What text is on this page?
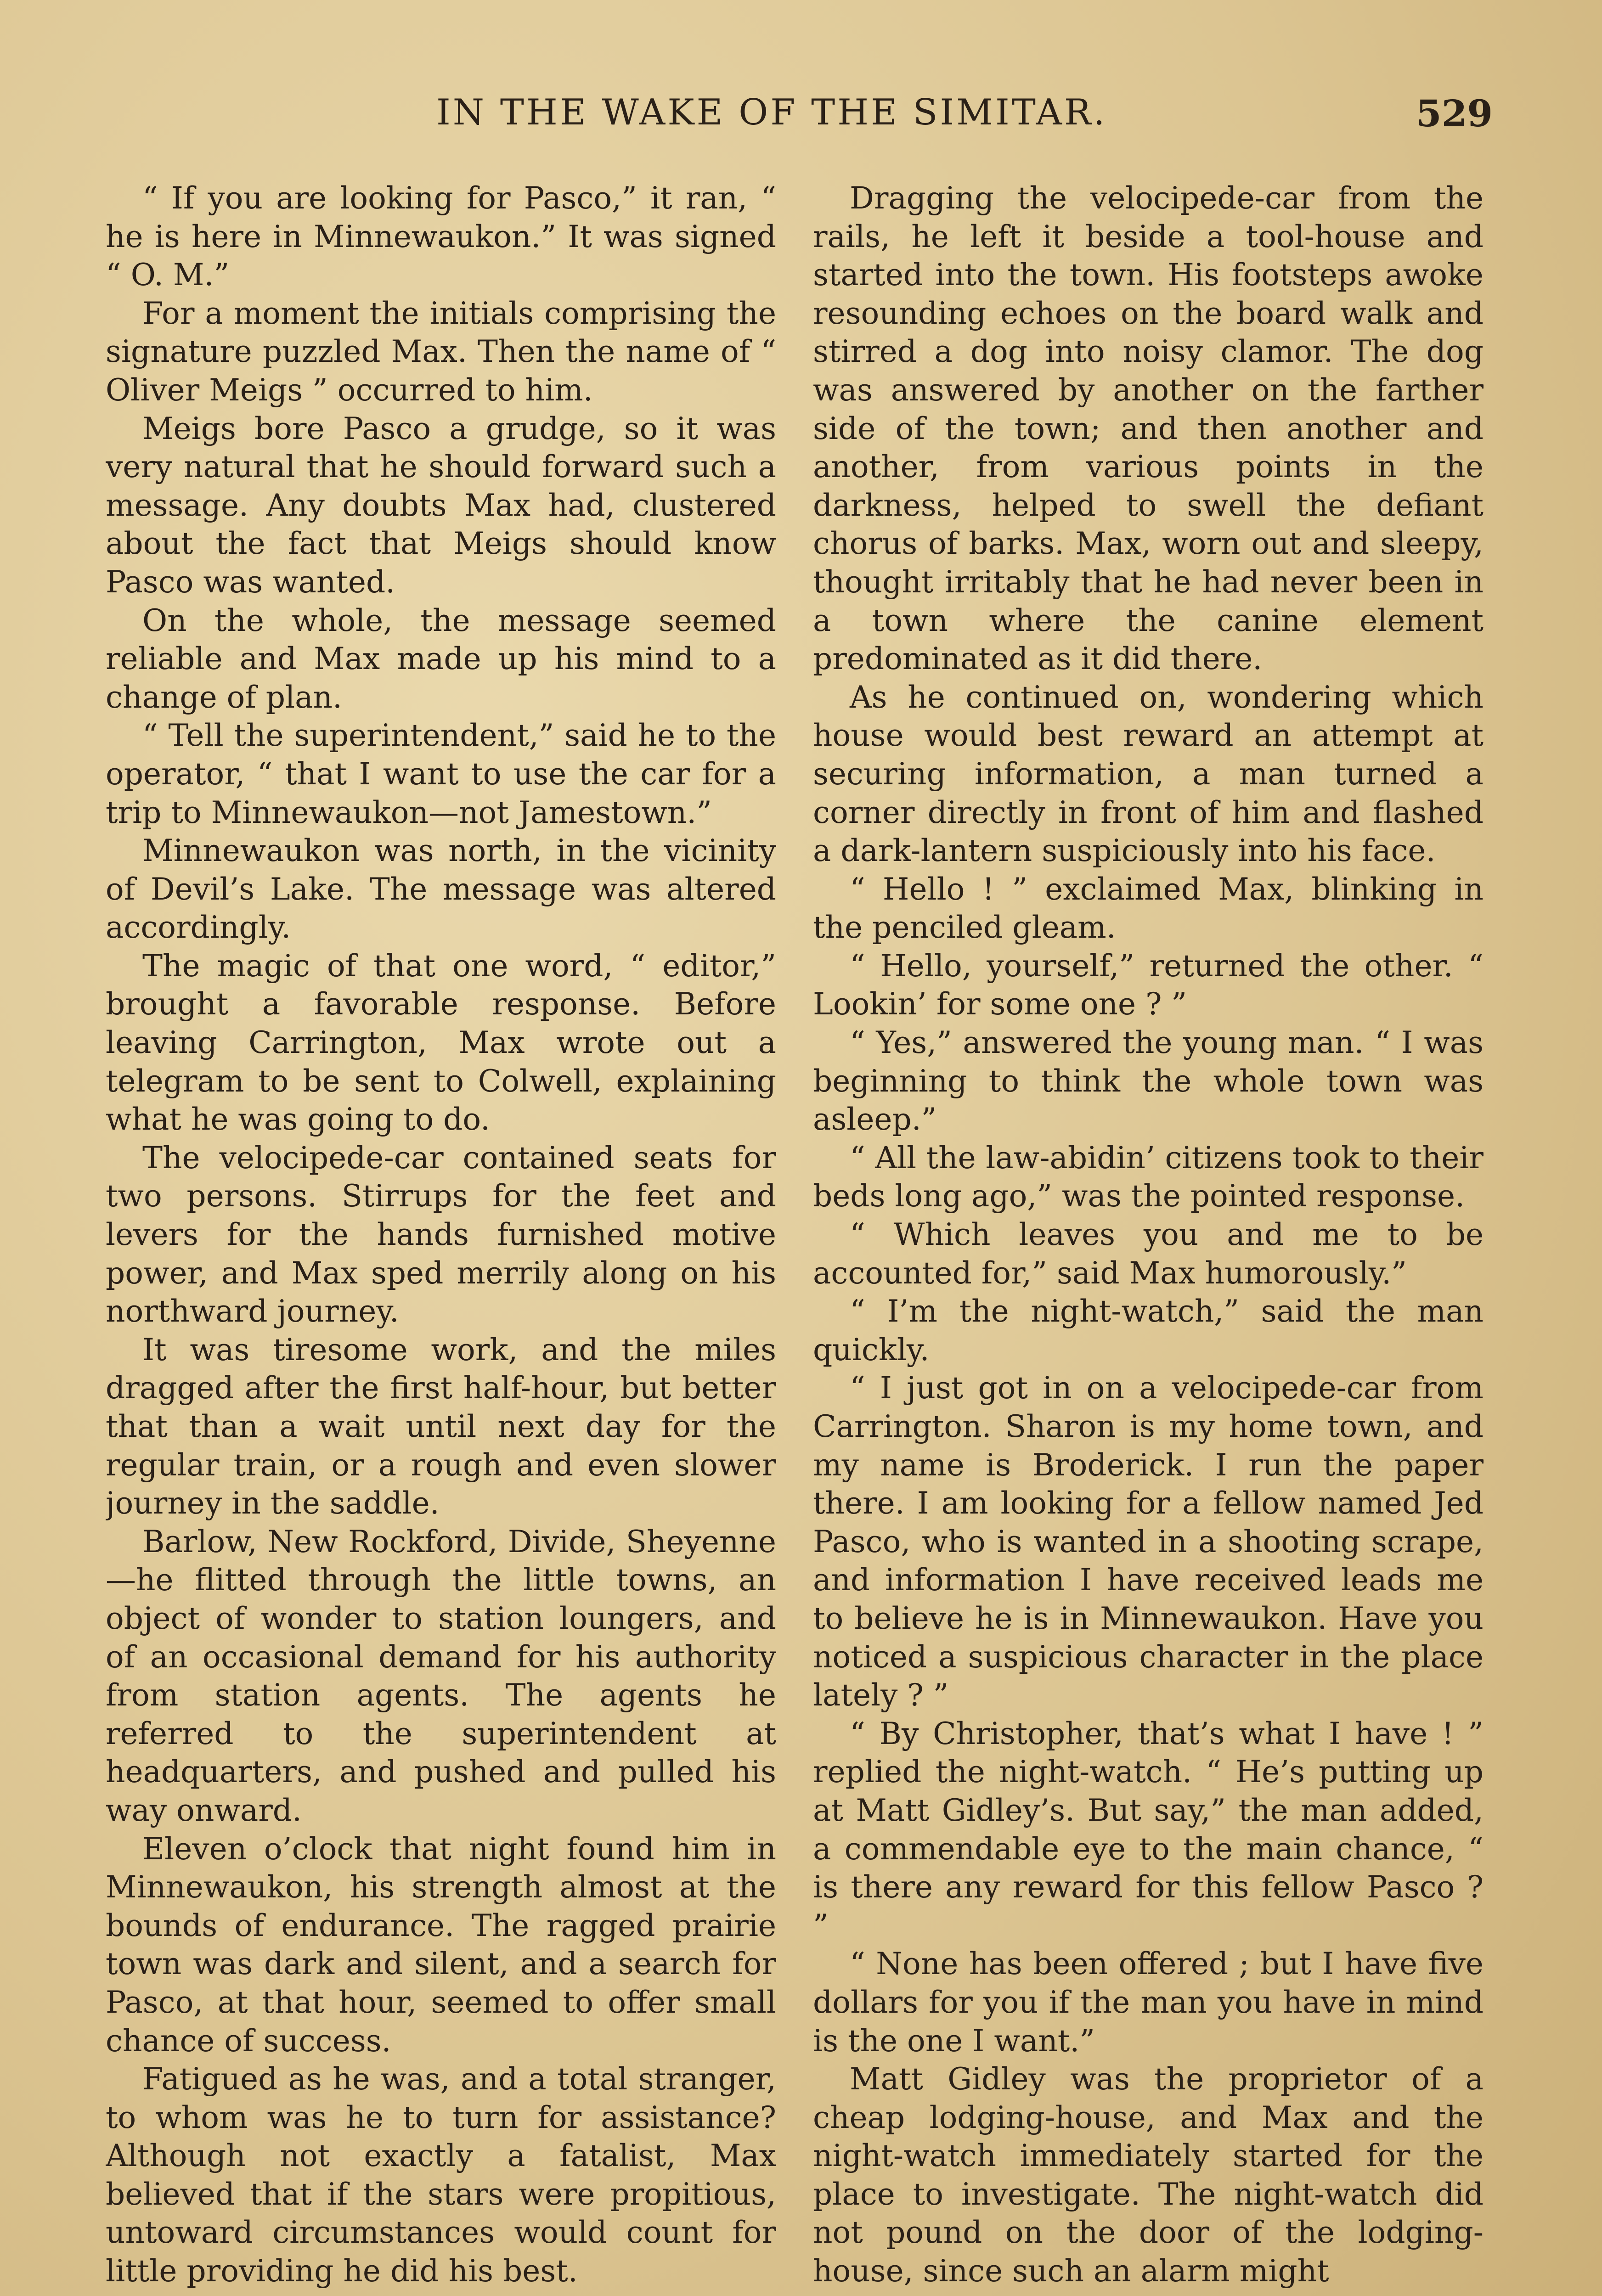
IN THE WAKE OF THE SIMITAR.	529

“ If you are looking for Pasco,” it ran, “ he is here in Minnewaukon.” It was signed “ O. M.”

For a moment the initials comprising the signature puzzled Max. Then the name of “ Oliver Meigs ” occurred to him.

Meigs bore Pasco a grudge, so it was very natural that he should forward such a message. Any doubts Max had, clustered about the fact that Meigs should know Pasco was wanted.

On the whole, the message seemed reliable and Max made up his mind to a change of plan.

“ Tell the superintendent,” said he to the operator, “ that I want to use the car for a trip to Minnewaukon—not Jamestown.”

Minnewaukon was north, in the vicinity of Devil’s Lake. The message was altered accordingly.

The magic of that one word, “ editor,” brought a favorable response. Before leaving Carrington, Max wrote out a telegram to be sent to Colwell, explaining what he was going to do.

The velocipede-car contained seats for two persons. Stirrups for the feet and levers for the hands furnished motive power, and Max sped merrily along on his northward journey.

It was tiresome work, and the miles dragged after the first half-hour, but better that than a wait until next day for the regular train, or a rough and even slower journey in the saddle.

Barlow, New Rockford, Divide, Sheyenne—he flitted through the little towns, an object of wonder to station loungers, and of an occasional demand for his authority from station agents. The agents he referred to the superintendent at headquarters, and pushed and pulled his way onward.

Eleven o’clock that night found him in Minnewaukon, his strength almost at the bounds of endurance. The ragged prairie town was dark and silent, and a search for Pasco, at that hour, seemed to offer small chance of success.

Fatigued as he was, and a total stranger, to whom was he to turn for assistance? Although not exactly a fatalist, Max believed that if the stars were propitious, untoward circumstances would count for little providing he did his best.

Dragging the velocipede-car from the rails, he left it beside a tool-house and started into the town. His footsteps awoke resounding echoes on the board walk and stirred a dog into noisy clamor. The dog was answered by another on the farther side of the town; and then another and another, from various points in the darkness, helped to swell the defiant chorus of barks. Max, worn out and sleepy, thought irritably that he had never been in a town where the canine element predominated as it did there.

As he continued on, wondering which house would best reward an attempt at securing information, a man turned a corner directly in front of him and flashed a dark-lantern suspiciously into his face.

“ Hello ! ” exclaimed Max, blinking in the penciled gleam.

“ Hello, yourself,” returned the other. “ Lookin’ for some one ? ”

“ Yes,” answered the young man. “ I was beginning to think the whole town was asleep.”

“ All the law-abidin’ citizens took to their beds long ago,” was the pointed response.

“ Which leaves you and me to be accounted for,” said Max humorously.”

“ I’m the night-watch,” said the man quickly.

“ I just got in on a velocipede-car from Carrington. Sharon is my home town, and my name is Broderick. I run the paper there. I am looking for a fellow named Jed Pasco, who is wanted in a shooting scrape, and information I have received leads me to believe he is in Minnewaukon. Have you noticed a suspicious character in the place lately ? ”

“ By Christopher, that’s what I have ! ” replied the night-watch. “ He’s putting up at Matt Gidley’s. But say,” the man added, a commendable eye to the main chance, “ is there any reward for this fellow Pasco ? ”

“ None has been offered ; but I have five dollars for you if the man you have in mind is the one I want.”

Matt Gidley was the proprietor of a cheap lodging-house, and Max and the night-watch immediately started for the place to investigate. The night-watch did not pound on the door of the lodging-house, since such an alarm might
